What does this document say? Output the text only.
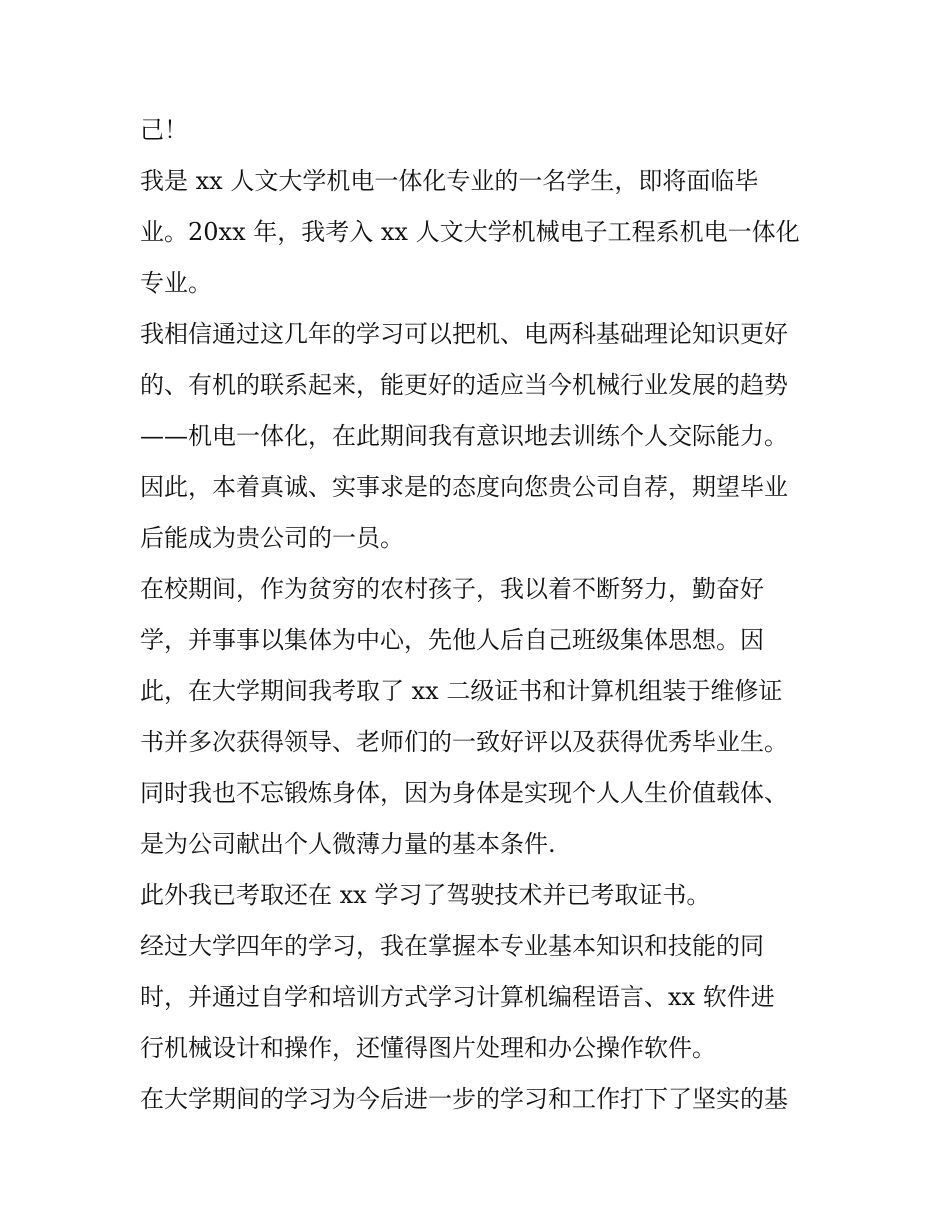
己！
我是 xx 人文大学机电一体化专业的一名学生，即将面临毕
业。20xx 年，我考入 xx 人文大学机械电子工程系机电一体化
专业。
我相信通过这几年的学习可以把机、电两科基础理论知识更好
的、有机的联系起来，能更好的适应当今机械行业发展的趋势
——机电一体化，在此期间我有意识地去训练个人交际能力。
因此，本着真诚、实事求是的态度向您贵公司自荐，期望毕业
后能成为贵公司的一员。
在校期间，作为贫穷的农村孩子，我以着不断努力，勤奋好
学，并事事以集体为中心，先他人后自己班级集体思想。因
此，在大学期间我考取了 xx 二级证书和计算机组装于维修证
书并多次获得领导、老师们的一致好评以及获得优秀毕业生。
同时我也不忘锻炼身体，因为身体是实现个人人生价值载体、
是为公司献出个人微薄力量的基本条件.
此外我已考取还在 xx 学习了驾驶技术并已考取证书。
经过大学四年的学习，我在掌握本专业基本知识和技能的同
时，并通过自学和培训方式学习计算机编程语言、xx 软件进
行机械设计和操作，还懂得图片处理和办公操作软件。
在大学期间的学习为今后进一步的学习和工作打下了坚实的基
